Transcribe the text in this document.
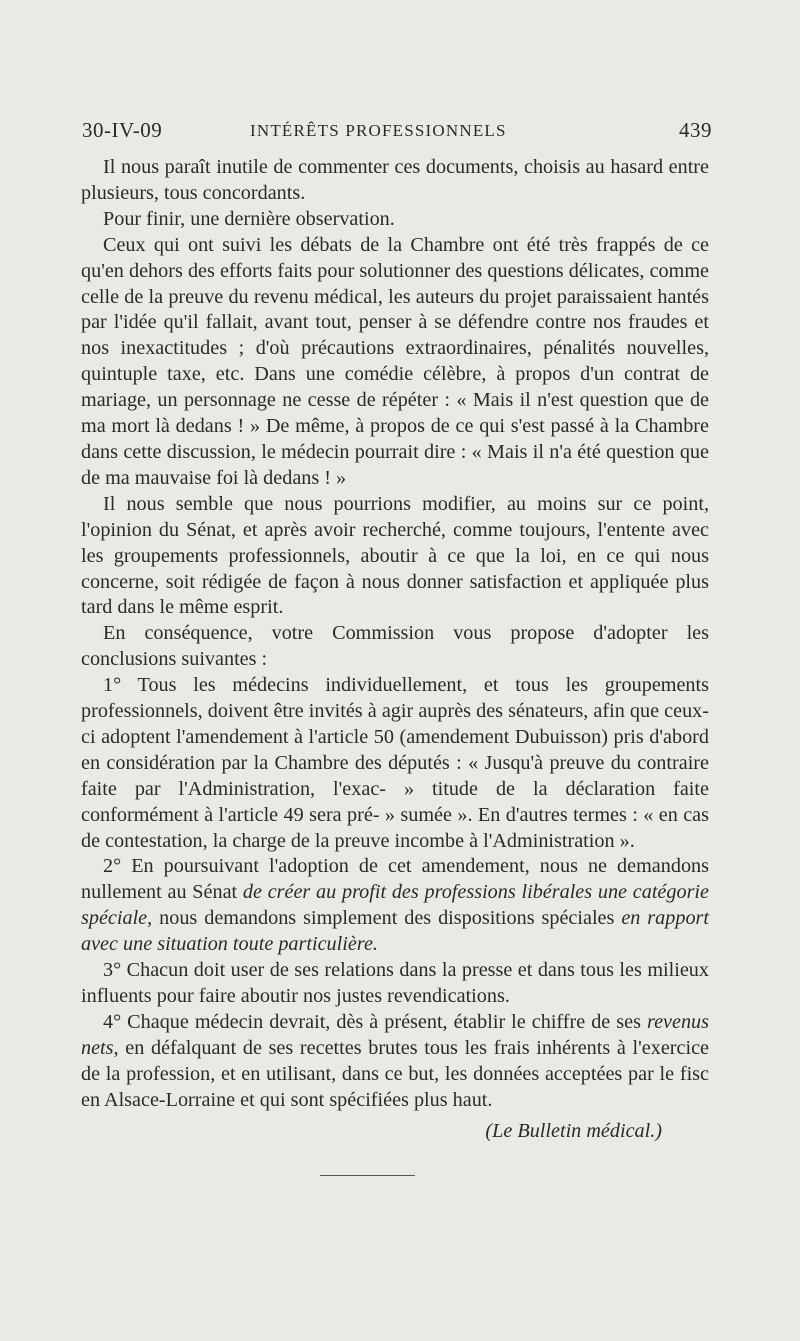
30-IV-09	INTÉRÊTS PROFESSIONNELS	439

Il nous paraît inutile de commenter ces documents, choisis au hasard entre plusieurs, tous concordants.

Pour finir, une dernière observation.

Ceux qui ont suivi les débats de la Chambre ont été très frappés de ce qu'en dehors des efforts faits pour solutionner des questions délicates, comme celle de la preuve du revenu médical, les auteurs du projet paraissaient hantés par l'idée qu'il fallait, avant tout, penser à se défendre contre nos fraudes et nos inexactitudes ; d'où précautions extraordinaires, pénalités nouvelles, quintuple taxe, etc. Dans une comédie célèbre, à propos d'un contrat de mariage, un personnage ne cesse de répéter : « Mais il n'est question que de ma mort là dedans ! » De même, à propos de ce qui s'est passé à la Chambre dans cette discussion, le médecin pourrait dire : « Mais il n'a été question que de ma mauvaise foi là dedans ! »

Il nous semble que nous pourrions modifier, au moins sur ce point, l'opinion du Sénat, et après avoir recherché, comme toujours, l'entente avec les groupements professionnels, aboutir à ce que la loi, en ce qui nous concerne, soit rédigée de façon à nous donner satisfaction et appliquée plus tard dans le même esprit.

En conséquence, votre Commission vous propose d'adopter les conclusions suivantes :

1° Tous les médecins individuellement, et tous les groupements professionnels, doivent être invités à agir auprès des sénateurs, afin que ceux-ci adoptent l'amendement à l'article 50 (amendement Dubuisson) pris d'abord en considération par la Chambre des députés : « Jusqu'à preuve du contraire faite par l'Administration, l'exac- » titude de la déclaration faite conformément à l'article 49 sera pré- » sumée ». En d'autres termes : « en cas de contestation, la charge de la preuve incombe à l'Administration ».

2° En poursuivant l'adoption de cet amendement, nous ne demandons nullement au Sénat de créer au profit des professions libérales une catégorie spéciale, nous demandons simplement des dispositions spéciales en rapport avec une situation toute particulière.

3° Chacun doit user de ses relations dans la presse et dans tous les milieux influents pour faire aboutir nos justes revendications.

4° Chaque médecin devrait, dès à présent, établir le chiffre de ses revenus nets, en défalquant de ses recettes brutes tous les frais inhérents à l'exercice de la profession, et en utilisant, dans ce but, les données acceptées par le fisc en Alsace-Lorraine et qui sont spécifiées plus haut.

(Le Bulletin médical.)
